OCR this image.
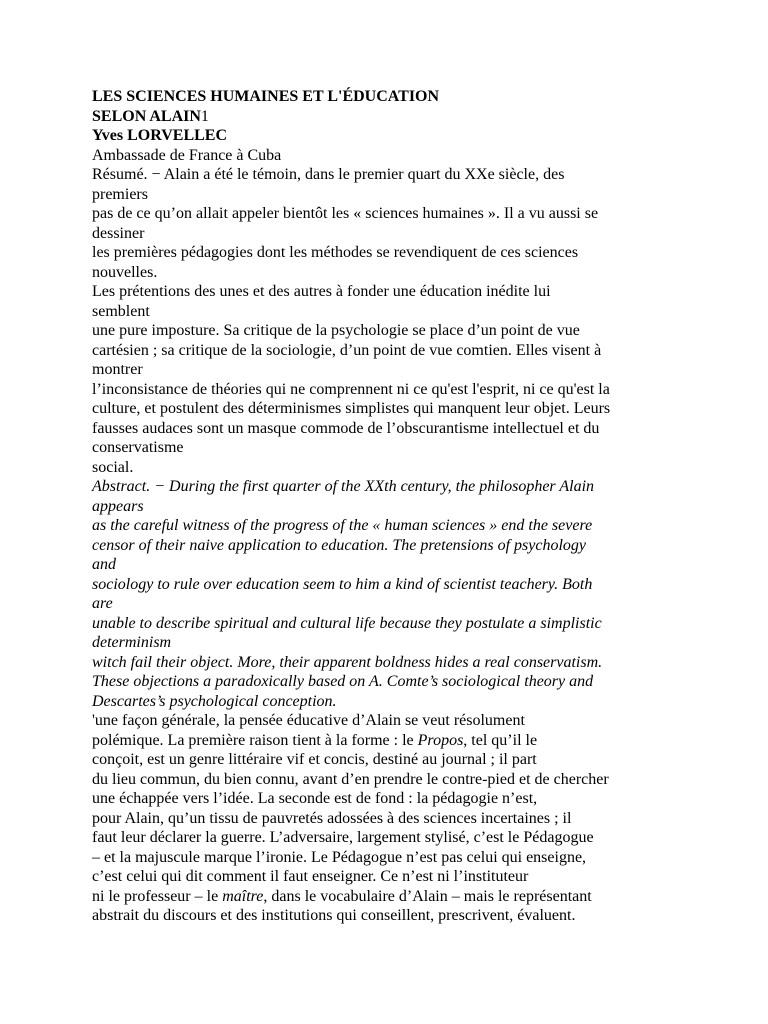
LES SCIENCES HUMAINES ET L'ÉDUCATION
SELON ALAIN1
Yves LORVELLEC
Ambassade de France à Cuba
Résumé. − Alain a été le témoin, dans le premier quart du XXe siècle, des
premiers
pas de ce qu’on allait appeler bientôt les « sciences humaines ». Il a vu aussi se
dessiner
les premières pédagogies dont les méthodes se revendiquent de ces sciences
nouvelles.
Les prétentions des unes et des autres à fonder une éducation inédite lui
semblent
une pure imposture. Sa critique de la psychologie se place d’un point de vue
cartésien ; sa critique de la sociologie, d’un point de vue comtien. Elles visent à
montrer
l’inconsistance de théories qui ne comprennent ni ce qu'est l'esprit, ni ce qu'est la
culture, et postulent des déterminismes simplistes qui manquent leur objet. Leurs
fausses audaces sont un masque commode de l’obscurantisme intellectuel et du
conservatisme
social.
Abstract. − During the first quarter of the XXth century, the philosopher Alain
appears
as the careful witness of the progress of the « human sciences » end the severe
censor of their naive application to education. The pretensions of psychology
and
sociology to rule over education seem to him a kind of scientist teachery. Both
are
unable to describe spiritual and cultural life because they postulate a simplistic
determinism
witch fail their object. More, their apparent boldness hides a real conservatism.
These objections a paradoxically based on A. Comte’s sociological theory and
Descartes’s psychological conception.
'une façon générale, la pensée éducative d’Alain se veut résolument
polémique. La première raison tient à la forme : le Propos, tel qu’il le
conçoit, est un genre littéraire vif et concis, destiné au journal ; il part
du lieu commun, du bien connu, avant d’en prendre le contre-pied et de chercher
une échappée vers l’idée. La seconde est de fond : la pédagogie n’est,
pour Alain, qu’un tissu de pauvretés adossées à des sciences incertaines ; il
faut leur déclarer la guerre. L’adversaire, largement stylisé, c’est le Pédagogue
– et la majuscule marque l’ironie. Le Pédagogue n’est pas celui qui enseigne,
c’est celui qui dit comment il faut enseigner. Ce n’est ni l’instituteur
ni le professeur – le maître, dans le vocabulaire d’Alain – mais le représentant
abstrait du discours et des institutions qui conseillent, prescrivent, évaluent.
